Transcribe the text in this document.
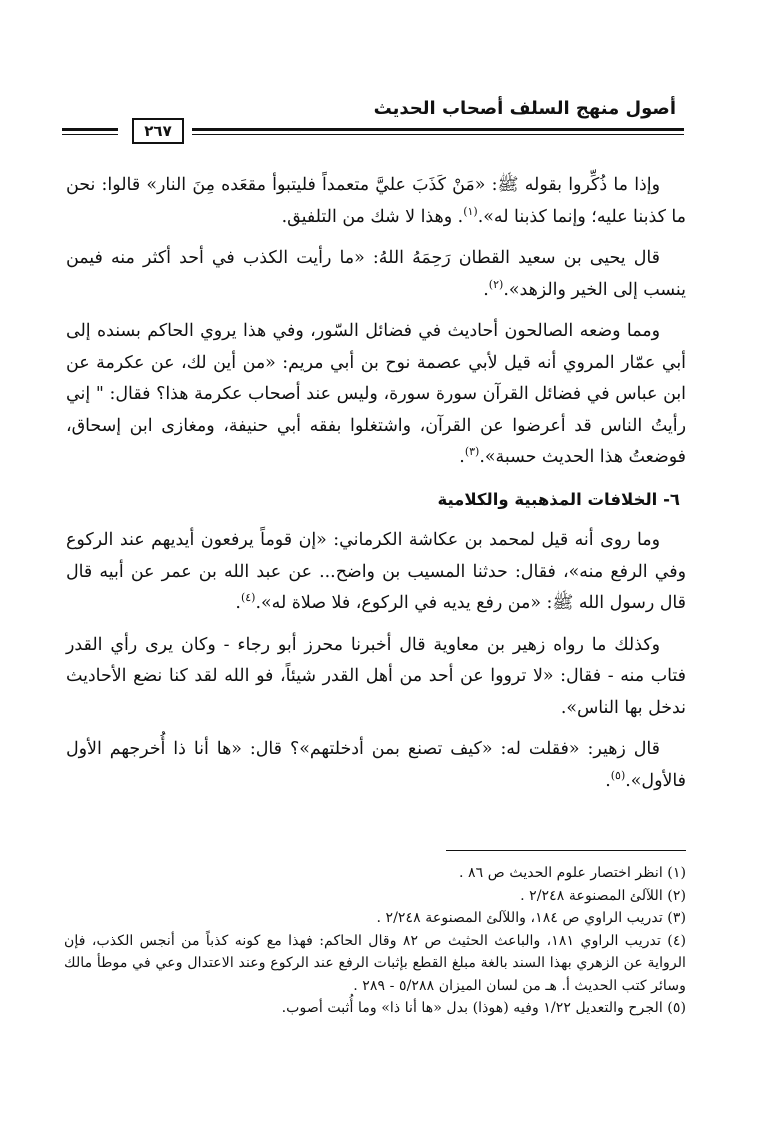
أصول منهج السلف أصحاب الحديث
٢٦٧

وإذا ما ذُكِّروا بقوله ﷺ: «مَنْ كَذَبَ عليَّ متعمداً فليتبوأ مقعَده مِنَ النار» قالوا: نحن ما كذبنا عليه؛ وإنما كذبنا له».$^{(١)}$. وهذا لا شك من التلفيق.

قال يحيى بن سعيد القطان رَحِمَهُ اللهُ: «ما رأيت الكذب في أحد أكثر منه فيمن ينسب إلى الخير والزهد».$^{(٢)}$.

ومما وضعه الصالحون أحاديث في فضائل السّور، وفي هذا يروي الحاكم بسنده إلى أبي عمّار المروي أنه قيل لأبي عصمة نوح بن أبي مريم: «من أين لك، عن عكرمة عن ابن عباس في فضائل القرآن سورة سورة، وليس عند أصحاب عكرمة هذا؟ فقال: " إني رأيتُ الناس قد أعرضوا عن القرآن، واشتغلوا بفقه أبي حنيفة، ومغازى ابن إسحاق، فوضعتُ هذا الحديث حسبة».$^{(٣)}$.

٦- الخلافات المذهبية والكلامية

وما روى أنه قيل لمحمد بن عكاشة الكرماني: «إن قوماً يرفعون أيديهم عند الركوع وفي الرفع منه»، فقال: حدثنا المسيب بن واضح... عن عبد الله بن عمر عن أبيه قال قال رسول الله ﷺ: «من رفع يديه في الركوع، فلا صلاة له».$^{(٤)}$.

وكذلك ما رواه زهير بن معاوية قال أخبرنا محرز أبو رجاء - وكان يرى رأي القدر فتاب منه - فقال: «لا ترووا عن أحد من أهل القدر شيئاً، فو الله لقد كنا نضع الأحاديث ندخل بها الناس».

قال زهير: «فقلت له: «كيف تصنع بمن أدخلتهم»؟ قال: «ها أنا ذا أُخرجهم الأول فالأول».$^{(٥)}$.

(١) انظر اختصار علوم الحديث ص ٨٦ .

(٢) اللآلئ المصنوعة ٢/٢٤٨ .

(٣) تدريب الراوي ص ١٨٤، واللآلئ المصنوعة ٢/٢٤٨ .

(٤) تدريب الراوي ١٨١، والباعث الحثيث ص ٨٢ وقال الحاكم: فهذا مع كونه كذباً من أنجس الكذب، فإن الرواية عن الزهري بهذا السند بالغة مبلغ القطع بإثبات الرفع عند الركوع وعند الاعتدال وعي في موطأ مالك وسائر كتب الحديث أ. هـ من لسان الميزان ٥/٢٨٨ - ٢٨٩ .

(٥) الجرح والتعديل ١/٢٢ وفيه (هوذا) بدل «ها أنا ذا» وما أُثبت أصوب.
